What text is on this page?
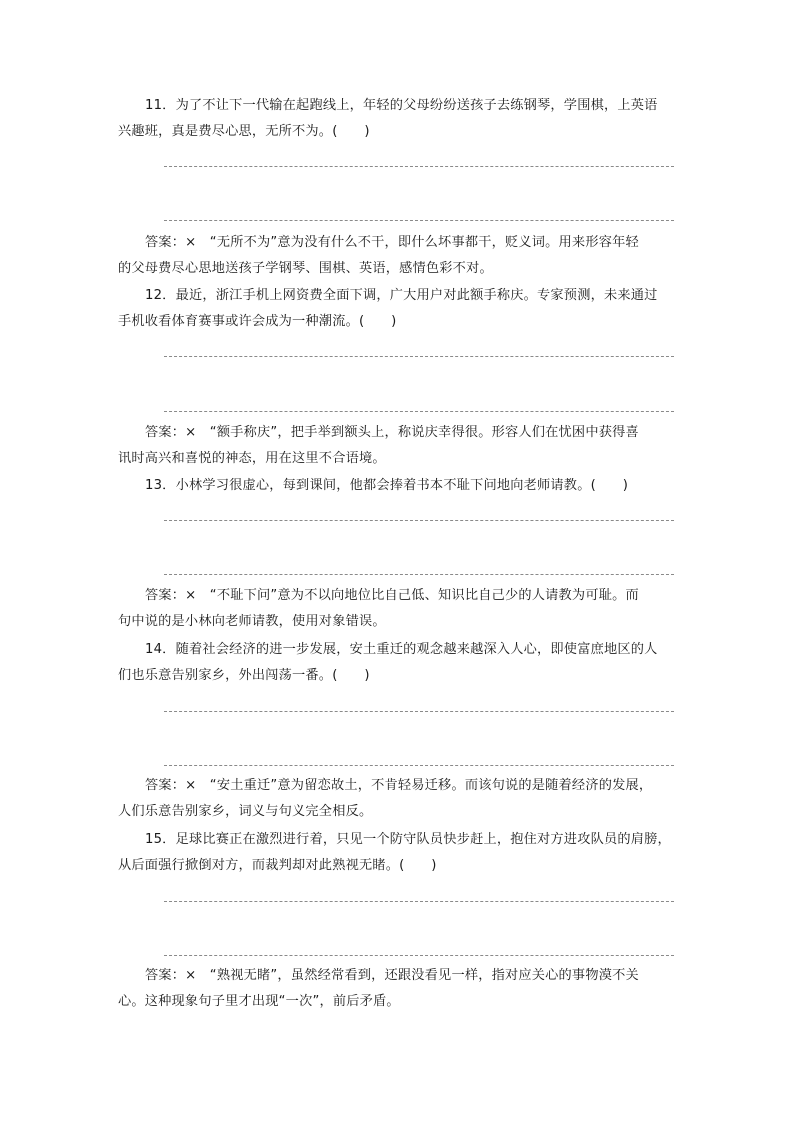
11．为了不让下一代输在起跑线上，年轻的父母纷纷送孩子去练钢琴，学围棋，上英语

兴趣班，真是费尽心思，无所不为。(　　)

答案：×　“无所不为”意为没有什么不干，即什么坏事都干，贬义词。用来形容年轻

的父母费尽心思地送孩子学钢琴、围棋、英语，感情色彩不对。

12．最近，浙江手机上网资费全面下调，广大用户对此额手称庆。专家预测，未来通过

手机收看体育赛事或许会成为一种潮流。(　　)

答案：×　“额手称庆”，把手举到额头上，称说庆幸得很。形容人们在忧困中获得喜

讯时高兴和喜悦的神态，用在这里不合语境。

13．小林学习很虚心，每到课间，他都会捧着书本不耻下问地向老师请教。(　　)

答案：×　“不耻下问”意为不以向地位比自己低、知识比自己少的人请教为可耻。而

句中说的是小林向老师请教，使用对象错误。

14．随着社会经济的进一步发展，安土重迁的观念越来越深入人心，即使富庶地区的人

们也乐意告别家乡，外出闯荡一番。(　　)

答案：×　“安土重迁”意为留恋故土，不肯轻易迁移。而该句说的是随着经济的发展，

人们乐意告别家乡，词义与句义完全相反。

15．足球比赛正在激烈进行着，只见一个防守队员快步赶上，抱住对方进攻队员的肩膀，

从后面强行掀倒对方，而裁判却对此熟视无睹。(　　)

答案：×　“熟视无睹”，虽然经常看到，还跟没看见一样，指对应关心的事物漠不关

心。这种现象句子里才出现“一次”，前后矛盾。
